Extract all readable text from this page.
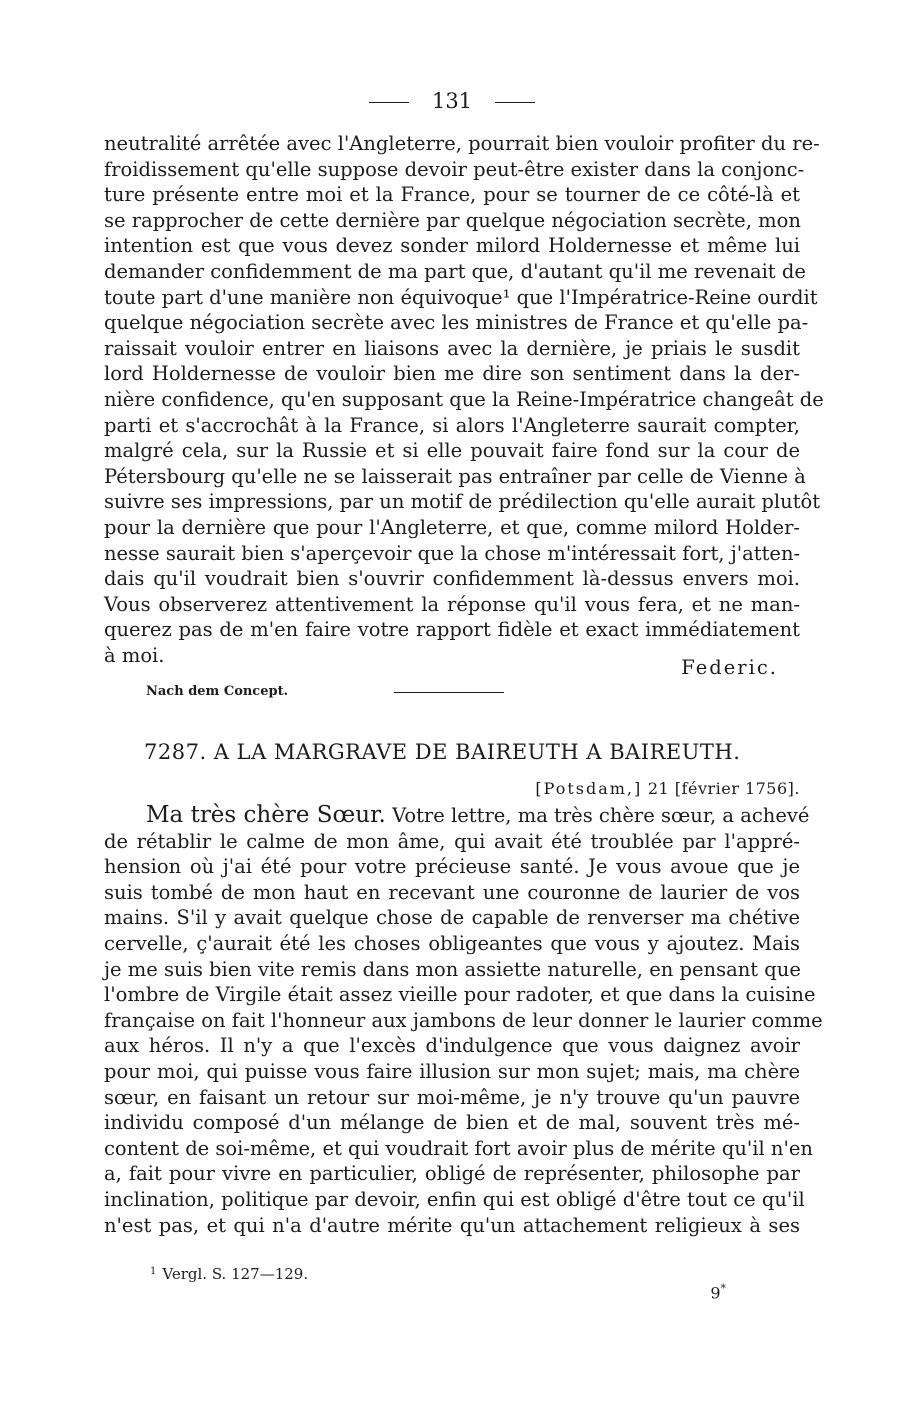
131
neutralité arrêtée avec l'Angleterre, pourrait bien vouloir profiter du re-
froidissement qu'elle suppose devoir peut-être exister dans la conjonc-
ture présente entre moi et la France, pour se tourner de ce côté-là et
se rapprocher de cette dernière par quelque négociation secrète, mon
intention est que vous devez sonder milord Holdernesse et même lui
demander confidemment de ma part que, d'autant qu'il me revenait de
toute part d'une manière non équivoque¹ que l'Impératrice-Reine ourdit
quelque négociation secrète avec les ministres de France et qu'elle pa-
raissait vouloir entrer en liaisons avec la dernière, je priais le susdit
lord Holdernesse de vouloir bien me dire son sentiment dans la der-
nière confidence, qu'en supposant que la Reine-Impératrice changeât de
parti et s'accrochât à la France, si alors l'Angleterre saurait compter,
malgré cela, sur la Russie et si elle pouvait faire fond sur la cour de
Pétersbourg qu'elle ne se laisserait pas entraîner par celle de Vienne à
suivre ses impressions, par un motif de prédilection qu'elle aurait plutôt
pour la dernière que pour l'Angleterre, et que, comme milord Holder-
nesse saurait bien s'aperçevoir que la chose m'intéressait fort, j'atten-
dais qu'il voudrait bien s'ouvrir confidemment là-dessus envers moi.
Vous observerez attentivement la réponse qu'il vous fera, et ne man-
querez pas de m'en faire votre rapport fidèle et exact immédiatement
à moi.
Federic.
Nach dem Concept.
7287. A LA MARGRAVE DE BAIREUTH A BAIREUTH.
[Potsdam,] 21 [février 1756].
Ma très chère Sœur. Votre lettre, ma très chère sœur, a achevé
de rétablir le calme de mon âme, qui avait été troublée par l'appré-
hension où j'ai été pour votre précieuse santé. Je vous avoue que je
suis tombé de mon haut en recevant une couronne de laurier de vos
mains. S'il y avait quelque chose de capable de renverser ma chétive
cervelle, ç'aurait été les choses obligeantes que vous y ajoutez. Mais
je me suis bien vite remis dans mon assiette naturelle, en pensant que
l'ombre de Virgile était assez vieille pour radoter, et que dans la cuisine
française on fait l'honneur aux jambons de leur donner le laurier comme
aux héros. Il n'y a que l'excès d'indulgence que vous daignez avoir
pour moi, qui puisse vous faire illusion sur mon sujet; mais, ma chère
sœur, en faisant un retour sur moi-même, je n'y trouve qu'un pauvre
individu composé d'un mélange de bien et de mal, souvent très mé-
content de soi-même, et qui voudrait fort avoir plus de mérite qu'il n'en
a, fait pour vivre en particulier, obligé de représenter, philosophe par
inclination, politique par devoir, enfin qui est obligé d'être tout ce qu'il
n'est pas, et qui n'a d'autre mérite qu'un attachement religieux à ses
$^1$ Vergl. S. 127—129.
9*
